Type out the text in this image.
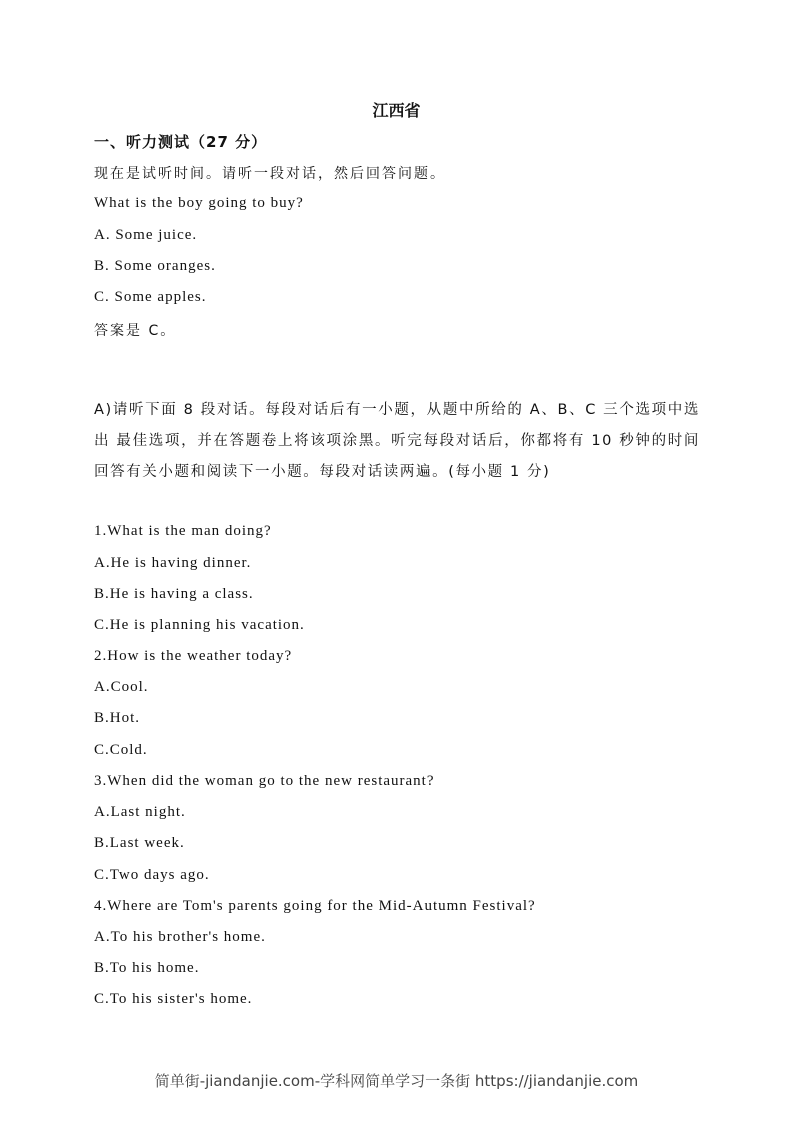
江西省
一、听力测试（27 分）
现在是试听时间。请听一段对话，然后回答问题。
What is the boy going to buy?
A. Some juice.
B. Some oranges.
C. Some apples.
答案是 C。
A)请听下面 8 段对话。每段对话后有一小题，从题中所给的 A、B、C 三个选项中选出 最佳选项，并在答题卷上将该项涂黑。听完每段对话后，你都将有 10 秒钟的时间回答有关小题和阅读下一小题。每段对话读两遍。(每小题 1 分)
1.What is the man doing?
A.He is having dinner.
B.He is having a class.
C.He is planning his vacation.
2.How is the weather today?
A.Cool.
B.Hot.
C.Cold.
3.When did the woman go to the new restaurant?
A.Last night.
B.Last week.
C.Two days ago.
4.Where are Tom's parents going for the Mid-Autumn Festival?
A.To his brother's home.
B.To his home.
C.To his sister's home.
简单街-jiandanjie.com-学科网简单学习一条街 https://jiandanjie.com
